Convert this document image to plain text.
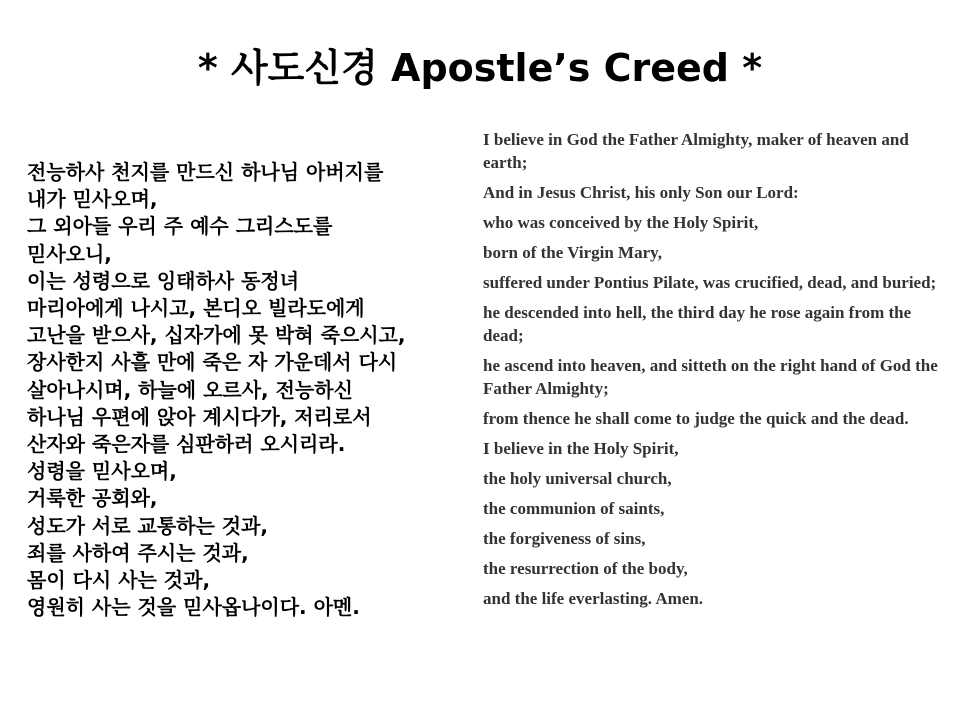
* 사도신경 Apostle’s Creed *
전능하사 천지를 만드신 하나님 아버지를
내가 믿사오며,
그 외아들 우리 주 예수 그리스도를
믿사오니,
이는 성령으로 잉태하사 동정녀
마리아에게 나시고, 본디오 빌라도에게
고난을 받으사, 십자가에 못 박혀 죽으시고,
장사한지 사흘 만에 죽은 자 가운데서 다시
살아나시며, 하늘에 오르사, 전능하신
하나님 우편에 앉아 계시다가, 저리로서
산자와 죽은자를 심판하러 오시리라.
성령을 믿사오며,
거룩한 공회와,
성도가 서로 교통하는 것과,
죄를 사하여 주시는 것과,
몸이 다시 사는 것과,
영원히 사는 것을 믿사옵나이다. 아멘.
I believe in God the Father Almighty, maker of heaven and earth;
And in Jesus Christ, his only Son our Lord:
who was conceived by the Holy Spirit,
born of the Virgin Mary,
suffered under Pontius Pilate, was crucified, dead, and buried;
he descended into hell, the third day he rose again from the dead;
he ascend into heaven, and sitteth on the right hand of God the Father Almighty;
from thence he shall come to judge the quick and the dead.
I believe in the Holy Spirit,
the holy universal church,
the communion of saints,
the forgiveness of sins,
the resurrection of the body,
and the life everlasting. Amen.
